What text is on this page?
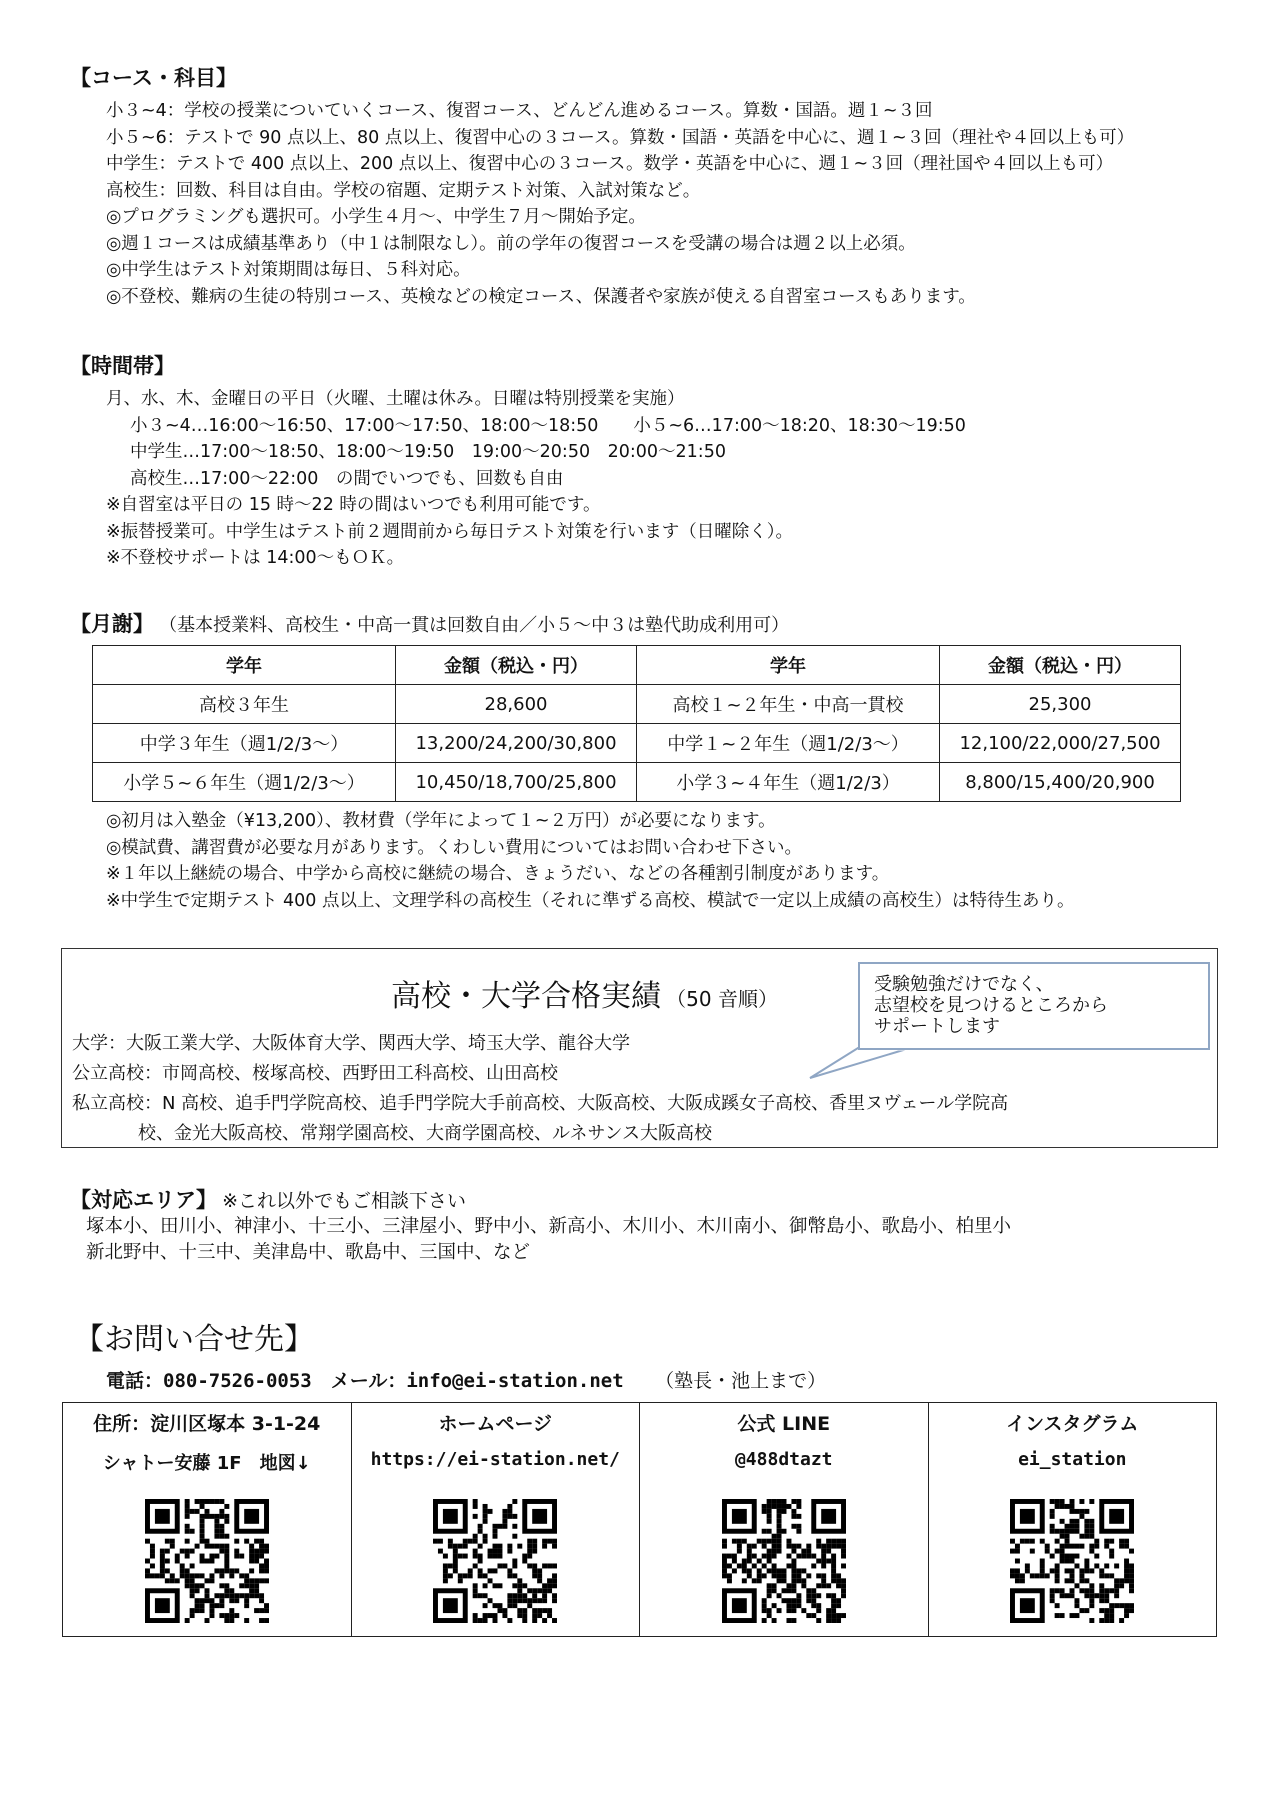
【コース・科目】
小３~4：学校の授業についていくコース、復習コース、どんどん進めるコース。算数・国語。週１~３回
小５~6：テストで 90 点以上、80 点以上、復習中心の３コース。算数・国語・英語を中心に、週１~３回（理社や４回以上も可）
中学生：テストで 400 点以上、200 点以上、復習中心の３コース。数学・英語を中心に、週１~３回（理社国や４回以上も可）
高校生：回数、科目は自由。学校の宿題、定期テスト対策、入試対策など。
◎プログラミングも選択可。小学生４月～、中学生７月～開始予定。
◎週１コースは成績基準あり（中１は制限なし）。前の学年の復習コースを受講の場合は週２以上必須。
◎中学生はテスト対策期間は毎日、５科対応。
◎不登校、難病の生徒の特別コース、英検などの検定コース、保護者や家族が使える自習室コースもあります。
【時間帯】
月、水、木、金曜日の平日（火曜、土曜は休み。日曜は特別授業を実施）
小３~4…16:00～16:50、17:00～17:50、18:00～18:50　　小５~6…17:00～18:20、18:30～19:50
中学生…17:00～18:50、18:00～19:50　19:00～20:50　20:00～21:50
高校生…17:00～22:00　の間でいつでも、回数も自由
※自習室は平日の 15 時～22 時の間はいつでも利用可能です。
※振替授業可。中学生はテスト前２週間前から毎日テスト対策を行います（日曜除く）。
※不登校サポートは 14:00～もＯＫ。
【月謝】 （基本授業料、高校生・中高一貫は回数自由／小５～中３は塾代助成利用可）
学年	金額（税込・円）	学年	金額（税込・円）
高校３年生	28,600	高校１~２年生・中高一貫校	25,300
中学３年生（週1/2/3～）	13,200/24,200/30,800	中学１~２年生（週1/2/3～）	12,100/22,000/27,500
小学５~６年生（週1/2/3～）	10,450/18,700/25,800	小学３~４年生（週1/2/3）	8,800/15,400/20,900
◎初月は入塾金（¥13,200）、教材費（学年によって１~２万円）が必要になります。
◎模試費、講習費が必要な月があります。くわしい費用についてはお問い合わせ下さい。
※１年以上継続の場合、中学から高校に継続の場合、きょうだい、などの各種割引制度があります。
※中学生で定期テスト 400 点以上、文理学科の高校生（それに準ずる高校、模試で一定以上成績の高校生）は特待生あり。
高校・大学合格実績 （50 音順）
大学：大阪工業大学、大阪体育大学、関西大学、埼玉大学、龍谷大学
公立高校：市岡高校、桜塚高校、西野田工科高校、山田高校
私立高校：N 高校、追手門学院高校、追手門学院大手前高校、大阪高校、大阪成蹊女子高校、香里ヌヴェール学院高
校、金光大阪高校、常翔学園高校、大商学園高校、ルネサンス大阪高校
受験勉強だけでなく、
志望校を見つけるところから
サポートします
【対応エリア】 ※これ以外でもご相談下さい
塚本小、田川小、神津小、十三小、三津屋小、野中小、新高小、木川小、木川南小、御幣島小、歌島小、柏里小
新北野中、十三中、美津島中、歌島中、三国中、など
【お問い合せ先】
電話：080-7526-0053　メール：info@ei-station.net （塾長・池上まで）
住所：淀川区塚本 3-1-24
シャトー安藤 1F　地図↓
ホームページ
https://ei-station.net/
公式 LINE
@488dtazt
インスタグラム
ei_station
